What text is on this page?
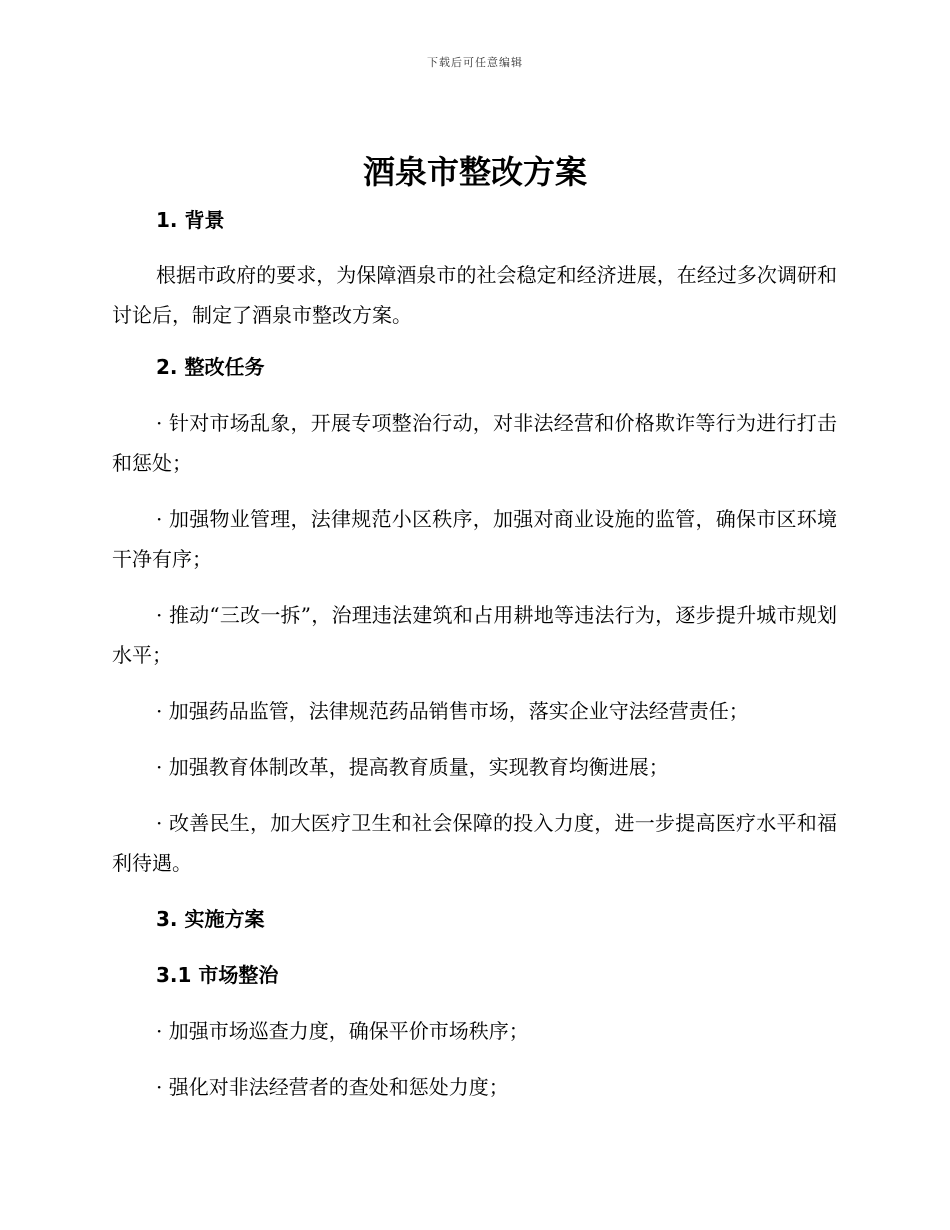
下载后可任意编辑
酒泉市整改方案
1. 背景

根据市政府的要求，为保障酒泉市的社会稳定和经济进展，在经过多次调研和讨论后，制定了酒泉市整改方案。

2. 整改任务

· 针对市场乱象，开展专项整治行动，对非法经营和价格欺诈等行为进行打击和惩处；

· 加强物业管理，法律规范小区秩序，加强对商业设施的监管，确保市区环境干净有序；

· 推动“三改一拆”，治理违法建筑和占用耕地等违法行为，逐步提升城市规划水平；

· 加强药品监管，法律规范药品销售市场，落实企业守法经营责任；

· 加强教育体制改革，提高教育质量，实现教育均衡进展；

· 改善民生，加大医疗卫生和社会保障的投入力度，进一步提高医疗水平和福利待遇。

3. 实施方案
3.1 市场整治

· 加强市场巡查力度，确保平价市场秩序；

· 强化对非法经营者的查处和惩处力度；
